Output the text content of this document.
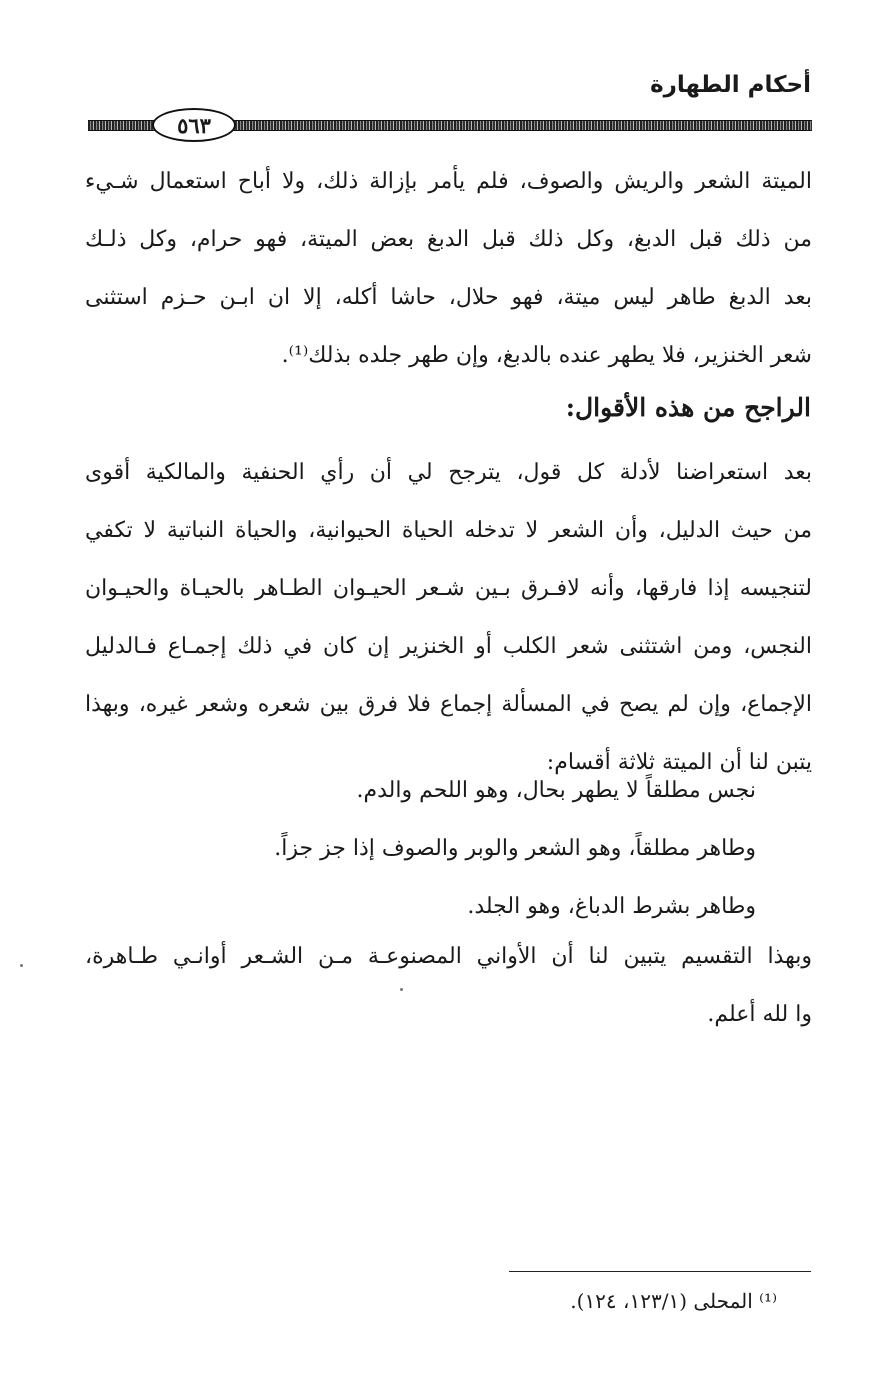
أحكام الطهارة
٥٦٣
الميتة الشعر والريش والصوف، فلم يأمر بإزالة ذلك، ولا أباح استعمال شـيء
من ذلك قبل الدبغ، وكل ذلك قبل الدبغ بعض الميتة، فهو حرام، وكل ذلـك
بعد الدبغ طاهر ليس ميتة، فهو حلال، حاشا أكله، إلا ان ابـن حـزم استثنى
شعر الخنزير، فلا يطهر عنده بالدبغ، وإن طهر جلده بذلك⁽¹⁾.
الراجح من هذه الأقوال:
بعد استعراضنا لأدلة كل قول، يترجح لي أن رأي الحنفية والمالكية أقوى
من حيث الدليل، وأن الشعر لا تدخله الحياة الحيوانية، والحياة النباتية لا تكفي
لتنجيسه إذا فارقها، وأنه لافـرق بـين شـعر الحيـوان الطـاهر بالحيـاة والحيـوان
النجس، ومن اشتثنى شعر الكلب أو الخنزير إن كان في ذلك إجمـاع فـالدليل
الإجماع، وإن لم يصح في المسألة إجماع فلا فرق بين شعره وشعر غيره، وبهذا
يتبن لنا أن الميتة ثلاثة أقسام:
نجس مطلقاً لا يطهر بحال، وهو اللحم والدم.
وطاهر مطلقاً، وهو الشعر والوبر والصوف إذا جز جزاً.
وطاهر بشرط الدباغ، وهو الجلد.
وبهذا التقسيم يتبين لنا أن الأواني المصنوعـة مـن الشـعر أوانـي طـاهرة،
وا لله أعلم.
⁽¹⁾ المحلى (١٢٣/١، ١٢٤).
